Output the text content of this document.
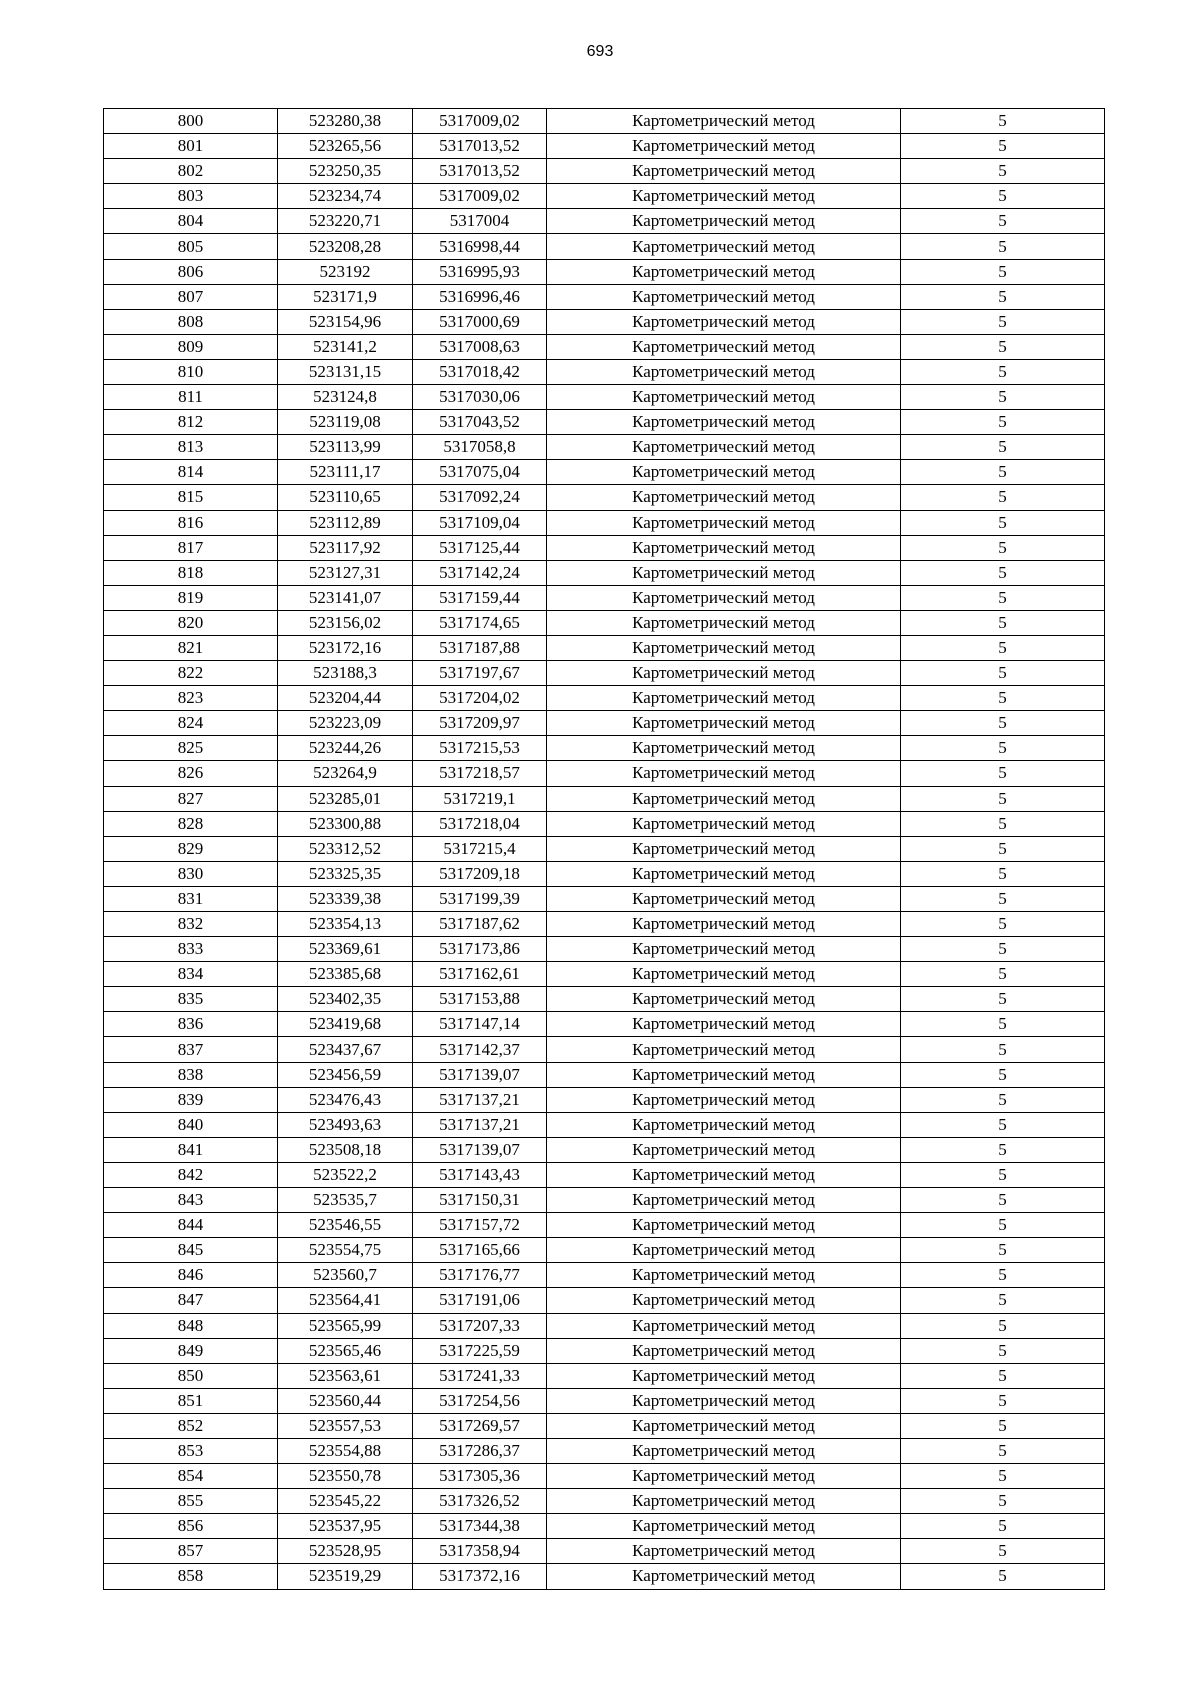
693
800	523280,38	5317009,02	Картометрический метод	5
801	523265,56	5317013,52	Картометрический метод	5
802	523250,35	5317013,52	Картометрический метод	5
803	523234,74	5317009,02	Картометрический метод	5
804	523220,71	5317004	Картометрический метод	5
805	523208,28	5316998,44	Картометрический метод	5
806	523192	5316995,93	Картометрический метод	5
807	523171,9	5316996,46	Картометрический метод	5
808	523154,96	5317000,69	Картометрический метод	5
809	523141,2	5317008,63	Картометрический метод	5
810	523131,15	5317018,42	Картометрический метод	5
811	523124,8	5317030,06	Картометрический метод	5
812	523119,08	5317043,52	Картометрический метод	5
813	523113,99	5317058,8	Картометрический метод	5
814	523111,17	5317075,04	Картометрический метод	5
815	523110,65	5317092,24	Картометрический метод	5
816	523112,89	5317109,04	Картометрический метод	5
817	523117,92	5317125,44	Картометрический метод	5
818	523127,31	5317142,24	Картометрический метод	5
819	523141,07	5317159,44	Картометрический метод	5
820	523156,02	5317174,65	Картометрический метод	5
821	523172,16	5317187,88	Картометрический метод	5
822	523188,3	5317197,67	Картометрический метод	5
823	523204,44	5317204,02	Картометрический метод	5
824	523223,09	5317209,97	Картометрический метод	5
825	523244,26	5317215,53	Картометрический метод	5
826	523264,9	5317218,57	Картометрический метод	5
827	523285,01	5317219,1	Картометрический метод	5
828	523300,88	5317218,04	Картометрический метод	5
829	523312,52	5317215,4	Картометрический метод	5
830	523325,35	5317209,18	Картометрический метод	5
831	523339,38	5317199,39	Картометрический метод	5
832	523354,13	5317187,62	Картометрический метод	5
833	523369,61	5317173,86	Картометрический метод	5
834	523385,68	5317162,61	Картометрический метод	5
835	523402,35	5317153,88	Картометрический метод	5
836	523419,68	5317147,14	Картометрический метод	5
837	523437,67	5317142,37	Картометрический метод	5
838	523456,59	5317139,07	Картометрический метод	5
839	523476,43	5317137,21	Картометрический метод	5
840	523493,63	5317137,21	Картометрический метод	5
841	523508,18	5317139,07	Картометрический метод	5
842	523522,2	5317143,43	Картометрический метод	5
843	523535,7	5317150,31	Картометрический метод	5
844	523546,55	5317157,72	Картометрический метод	5
845	523554,75	5317165,66	Картометрический метод	5
846	523560,7	5317176,77	Картометрический метод	5
847	523564,41	5317191,06	Картометрический метод	5
848	523565,99	5317207,33	Картометрический метод	5
849	523565,46	5317225,59	Картометрический метод	5
850	523563,61	5317241,33	Картометрический метод	5
851	523560,44	5317254,56	Картометрический метод	5
852	523557,53	5317269,57	Картометрический метод	5
853	523554,88	5317286,37	Картометрический метод	5
854	523550,78	5317305,36	Картометрический метод	5
855	523545,22	5317326,52	Картометрический метод	5
856	523537,95	5317344,38	Картометрический метод	5
857	523528,95	5317358,94	Картометрический метод	5
858	523519,29	5317372,16	Картометрический метод	5
